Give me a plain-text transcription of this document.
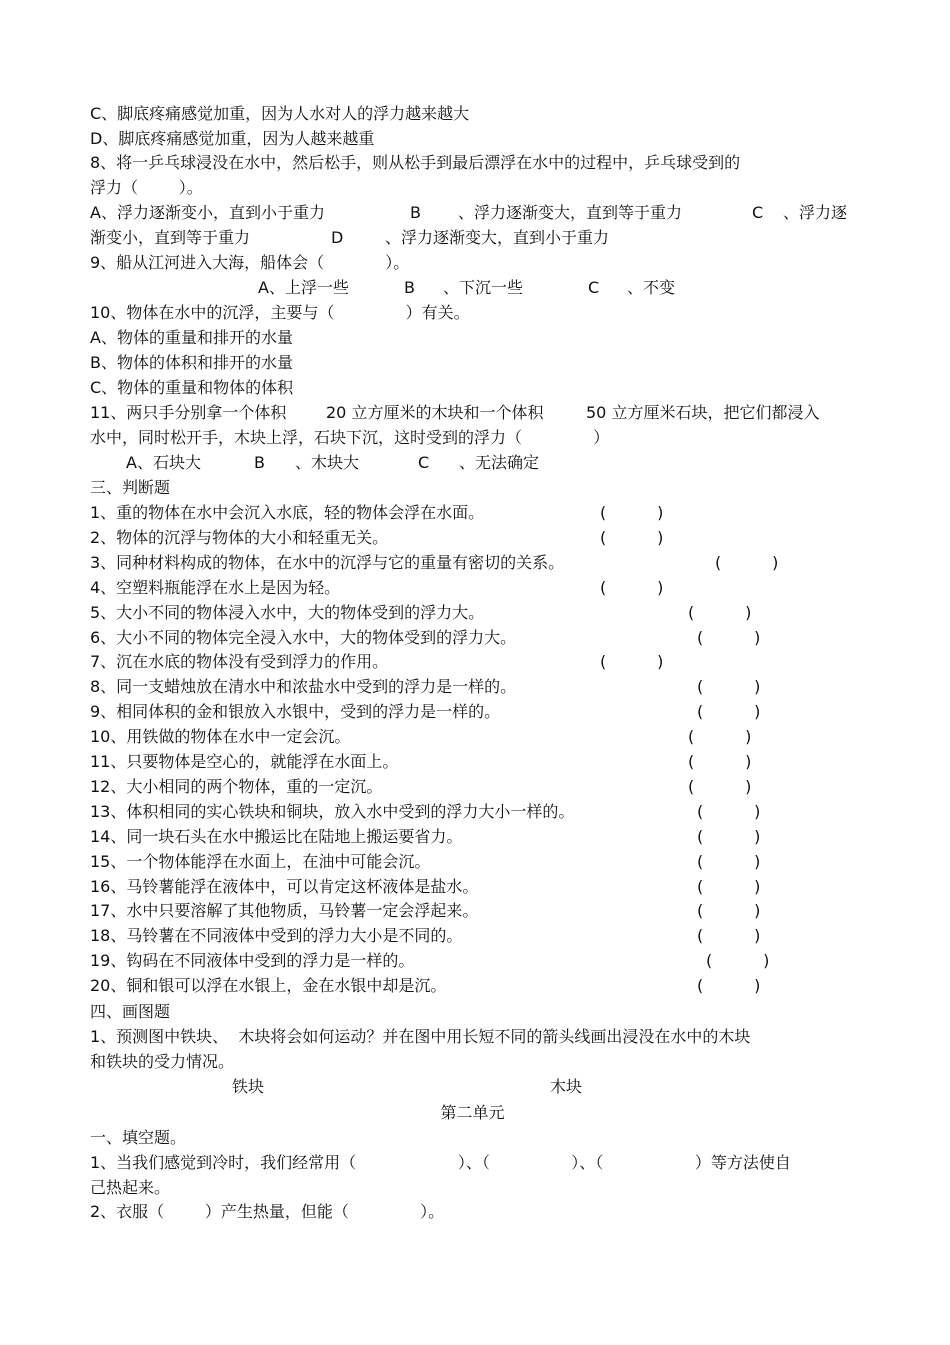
C、脚底疼痛感觉加重，因为人水对人的浮力越来越大
D、脚底疼痛感觉加重，因为人越来越重
8、将一乒乓球浸没在水中，然后松手，则从松手到最后漂浮在水中的过程中，乒乓球受到的
浮力（        ）。
A、浮力逐渐变小，直到小于重力	B 、浮力逐渐变大，直到等于重力	C 、浮力逐
渐变小，直到等于重力	D	、浮力逐渐变大，直到小于重力
9、船从江河进入大海，船体会（            ）。
A、上浮一些	B 、下沉一些	C 、不变
10、物体在水中的沉浮，主要与（              ）有关。
A、物体的重量和排开的水量
B、物体的体积和排开的水量
C、物体的重量和物体的体积
11、两只手分别拿一个体积 20 立方厘米的木块和一个体积	50 立方厘米石块，把它们都浸入
水中，同时松开手，木块上浮，石块下沉，这时受到的浮力（              ）
A、石块大	B 、木块大	C 、无法确定
三、判断题
1、重的物体在水中会沉入水底，轻的物体会浮在水面。	(          )
2、物体的沉浮与物体的大小和轻重无关。	(          )
3、同种材料构成的物体，在水中的沉浮与它的重量有密切的关系。	(          )
4、空塑料瓶能浮在水上是因为轻。	(          )
5、大小不同的物体浸入水中，大的物体受到的浮力大。	(          )
6、大小不同的物体完全浸入水中，大的物体受到的浮力大。	(          )
7、沉在水底的物体没有受到浮力的作用。	(          )
8、同一支蜡烛放在清水中和浓盐水中受到的浮力是一样的。	(          )
9、相同体积的金和银放入水银中，受到的浮力是一样的。	(          )
10、用铁做的物体在水中一定会沉。	(          )
11、只要物体是空心的，就能浮在水面上。	(          )
12、大小相同的两个物体，重的一定沉。	(          )
13、体积相同的实心铁块和铜块，放入水中受到的浮力大小一样的。	(          )
14、同一块石头在水中搬运比在陆地上搬运要省力。	(          )
15、一个物体能浮在水面上，在油中可能会沉。	(          )
16、马铃薯能浮在液体中，可以肯定这杯液体是盐水。	(          )
17、水中只要溶解了其他物质，马铃薯一定会浮起来。	(          )
18、马铃薯在不同液体中受到的浮力大小是不同的。	(          )
19、钩码在不同液体中受到的浮力是一样的。	(          )
20、铜和银可以浮在水银上，金在水银中却是沉。	(          )
四、画图题
1、预测图中铁块、  木块将会如何运动？并在图中用长短不同的箭头线画出浸没在水中的木块
和铁块的受力情况。
铁块	木块
第二单元
一、填空题。
1、当我们感觉到冷时，我们经常用（                    ）、（                ）、（                  ）等方法使自
己热起来。
2、衣服（        ）产生热量，但能（              ）。
